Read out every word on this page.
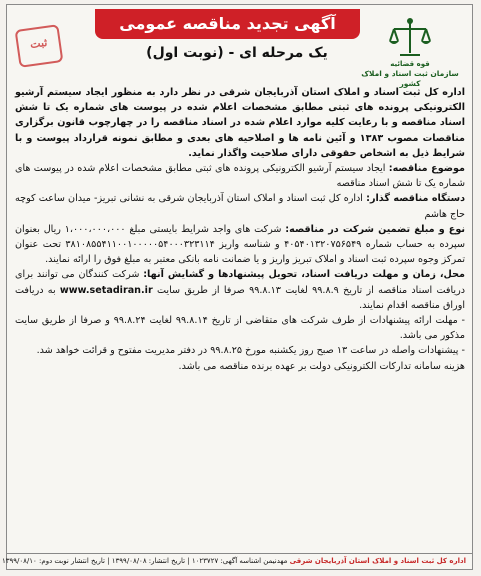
ثبت
آگهی تجدید مناقصه عمومی
یک مرحله ای - (نوبت اول)
قوه قضائیه
سازمان ثبت اسناد و املاک کشور
اداره کل ثبت اسناد و املاک استان آذربایجان شرقی در نظر دارد به منظور ایجاد سیستم آرشیو الکترونیکی پرونده های ثبتی مطابق مشخصات اعلام شده در پیوست های شماره یک تا شش اسناد مناقصه و با رعایت کلیه موارد اعلام شده در اسناد مناقصه را در چهارچوب قانون برگزاری مناقصات مصوب ۱۳۸۳ و آئین نامه ها و اصلاحیه های بعدی و مطابق نمونه قرارداد پیوست و با شرایط ذیل به اشخاص حقوقی دارای صلاحیت واگذار نماید.
موضوع مناقصه: ایجاد سیستم آرشیو الکترونیکی پرونده های ثبتی مطابق مشخصات اعلام شده در پیوست های شماره یک تا شش اسناد مناقصه
دستگاه مناقصه گذار: اداره کل ثبت اسناد و املاک استان آذربایجان شرقی به نشانی تبریز- میدان ساعت کوچه حاج هاشم
نوع و مبلغ تضمین شرکت در مناقصه: شرکت های واجد شرایط بایستی مبلغ ۱،۰۰۰،۰۰۰،۰۰۰ ریال بعنوان سپرده به حساب شماره ۴۰۵۴۰۱۳۲۰۷۵۶۵۴۹ و شناسه واریز ۳۸۱۰۸۵۵۴۱۱۰۰۱۰۰۰۰۰۵۴۰۰۰۳۲۳۱۱۴ تحت عنوان تمرکز وجوه سپرده ثبت اسناد و املاک تبریز واریز و یا ضمانت نامه بانکی معتبر به مبلغ فوق را ارائه نمایند.
محل، زمان و مهلت دریافت اسناد، تحویل پیشنهادها و گشایش آنها: شرکت کنندگان می توانند برای دریافت اسناد مناقصه از تاریخ ۹۹.۸.۹ لغایت ۹۹.۸.۱۳ صرفا از طریق سایت www.setadiran.ir به دریافت اوراق مناقصه اقدام نمایند.
- مهلت ارائه پیشنهادات از طرف شرکت های متقاضی از تاریخ ۹۹.۸.۱۴ لغایت ۹۹.۸.۲۴ و صرفا از طریق سایت مذکور می باشد.
- پیشنهادات واصله در ساعت ۱۳ صبح روز یکشنبه مورخ ۹۹.۸.۲۵ در دفتر مدیریت مفتوح و قرائت خواهد شد.
هزینه سامانه تدارکات الکترونیکی دولت بر عهده برنده مناقصه می باشد.
اداره کل ثبت اسناد و املاک استان آذربایجان شرقی مهدنیمن اشناسه آگهی: ۱۰۲۳۷۲۷ | تاریخ انتشار: ۱۳۹۹/۰۸/۰۸ | تاریخ انتشار نوبت دوم: ۱۳۹۹/۰۸/۱۰
